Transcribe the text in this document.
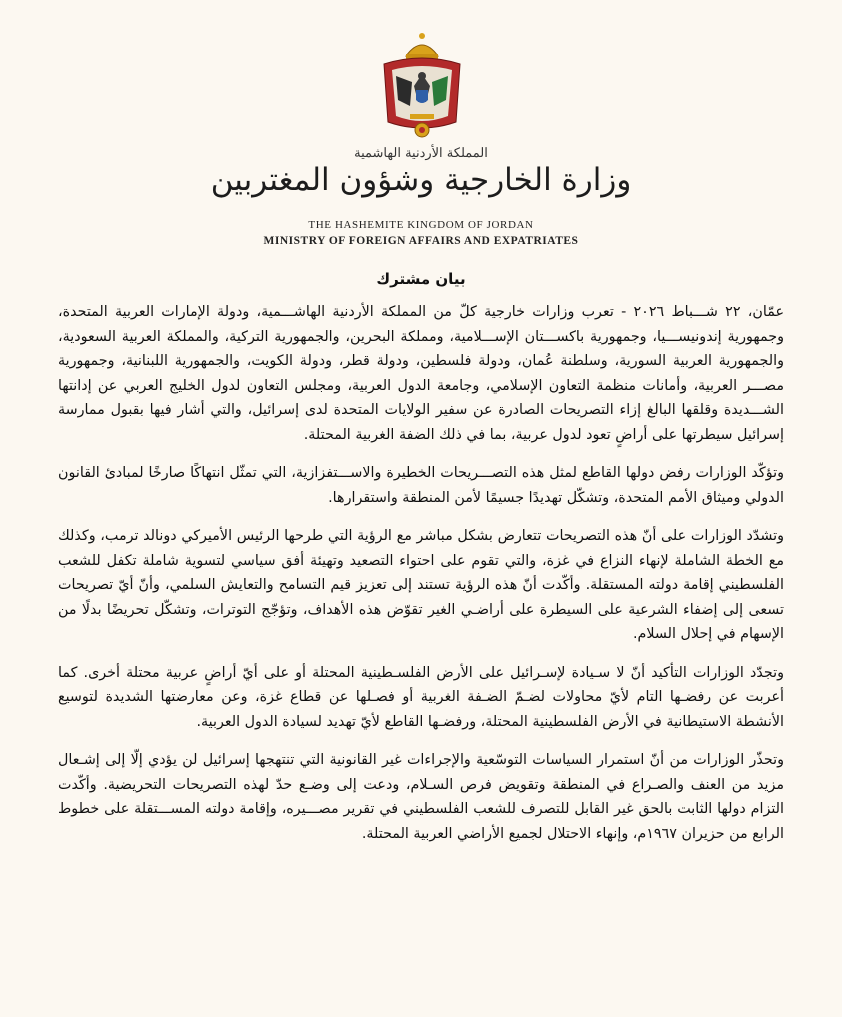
المملكة الأردنية الهاشمية
وزارة الخارجية وشؤون المغتربين
THE HASHEMITE KINGDOM OF JORDAN
MINISTRY OF FOREIGN AFFAIRS AND EXPATRIATES
بيان مشترك

عمّان، ٢٢ شـــباط ٢٠٢٦ - تعرب وزارات خارجية كلّ من المملكة الأردنية الهاشـــمية، ودولة الإمارات العربية المتحدة، وجمهورية إندونيســـيا، وجمهورية باكســـتان الإســـلامية، ومملكة البحرين، والجمهورية التركية، والمملكة العربية السعودية، والجمهورية العربية السورية، وسلطنة عُمان، ودولة فلسطين، ودولة قطر، ودولة الكويت، والجمهورية اللبنانية، وجمهورية مصـــر العربية، وأمانات منظمة التعاون الإسلامي، وجامعة الدول العربية، ومجلس التعاون لدول الخليج العربي عن إدانتها الشـــديدة وقلقها البالغ إزاء التصريحات الصادرة عن سفير الولايات المتحدة لدى إسرائيل، والتي أشار فيها بقبول ممارسة إسرائيل سيطرتها على أراضٍ تعود لدول عربية، بما في ذلك الضفة الغربية المحتلة.

وتؤكّد الوزارات رفض دولها القاطع لمثل هذه التصـــريحات الخطيرة والاســـتفزازية، التي تمثّل انتهاكًا صارخًا لمبادئ القانون الدولي وميثاق الأمم المتحدة، وتشكّل تهديدًا جسيمًا لأمن المنطقة واستقرارها.

وتشدّد الوزارات على أنّ هذه التصريحات تتعارض بشكل مباشر مع الرؤية التي طرحها الرئيس الأميركي دونالد ترمب، وكذلك مع الخطة الشاملة لإنهاء النزاع في غزة، والتي تقوم على احتواء التصعيد وتهيئة أفق سياسي لتسوية شاملة تكفل للشعب الفلسطيني إقامة دولته المستقلة. وأكّدت أنّ هذه الرؤية تستند إلى تعزيز قيم التسامح والتعايش السلمي، وأنّ أيّ تصريحات تسعى إلى إضفاء الشرعية على السيطرة على أراضـي الغير تقوّض هذه الأهداف، وتؤجّج التوترات، وتشكّل تحريضًا بدلًا من الإسهام في إحلال السلام.

وتجدّد الوزارات التأكيد أنّ لا سـيادة لإسـرائيل على الأرض الفلسـطينية المحتلة أو على أيّ أراضٍ عربية محتلة أخرى. كما أعربت عن رفضـها التام لأيّ محاولات لضـمّ الضـفة الغربية أو فصـلها عن قطاع غزة، وعن معارضتها الشديدة لتوسيع الأنشطة الاستيطانية في الأرض الفلسطينية المحتلة، ورفضـها القاطع لأيّ تهديد لسيادة الدول العربية.

وتحذّر الوزارات من أنّ استمرار السياسات التوسّعية والإجراءات غير القانونية التي تنتهجها إسرائيل لن يؤدي إلّا إلى إشـعال مزيد من العنف والصـراع في المنطقة وتقويض فرص السـلام، ودعت إلى وضـع حدّ لهذه التصريحات التحريضية. وأكّدت التزام دولها الثابت بالحق غير القابل للتصرف للشعب الفلسطيني في تقرير مصـــيره، وإقامة دولته المســـتقلة على خطوط الرابع من حزيران ١٩٦٧م، وإنهاء الاحتلال لجميع الأراضي العربية المحتلة.
